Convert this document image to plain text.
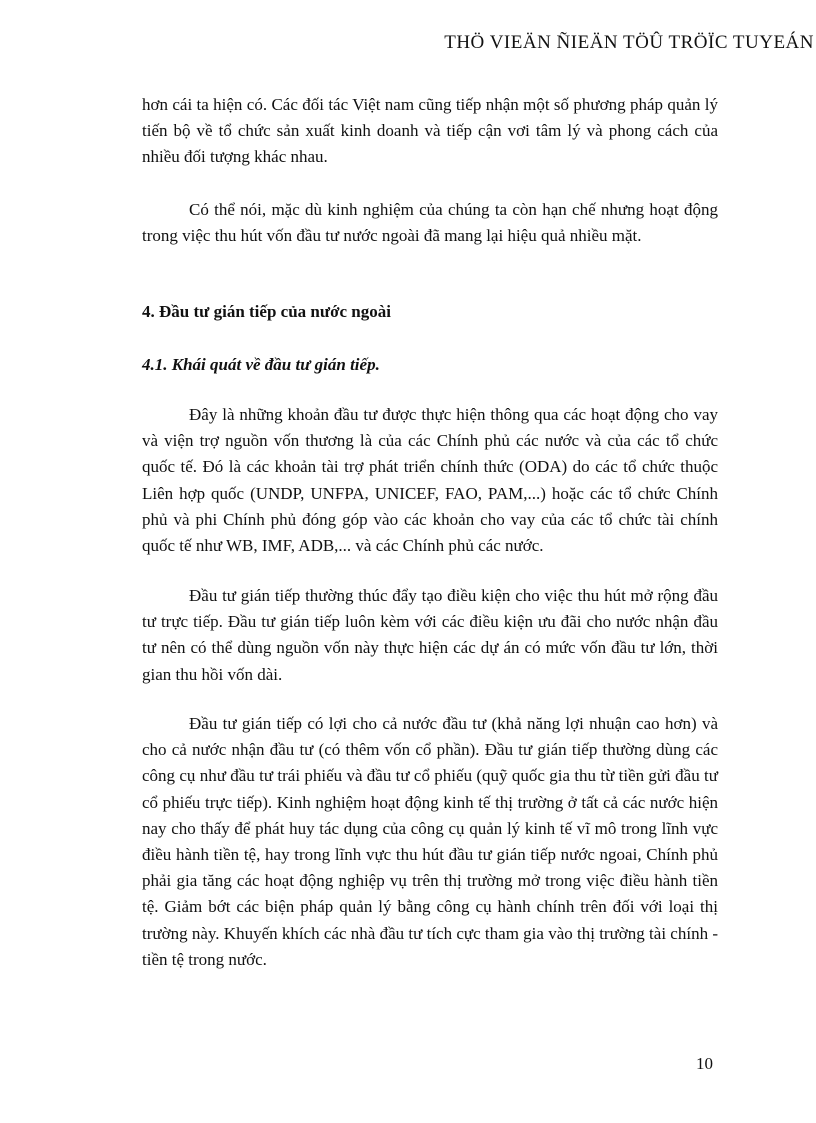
THÖ VIEÄN ÑIEÄN TÖÛ TRÖÏC TUYEÁN

hơn cái ta hiện có. Các đối tác Việt nam cũng tiếp nhận một số phương pháp quản lý tiến bộ về tổ chức sản xuất kinh doanh và tiếp cận vơi tâm lý và phong cách của nhiều đối tượng khác nhau.

Có thể nói, mặc dù kinh nghiệm của chúng ta còn hạn chế nhưng hoạt động trong việc thu hút vốn đầu tư nước ngoài đã mang lại hiệu quả nhiều mặt.

4. Đầu tư gián tiếp của nước ngoài
4.1. Khái quát về đầu tư gián tiếp.

Đây là những khoản đầu tư được thực hiện thông qua các hoạt động cho vay và viện trợ nguồn vốn thương là của các Chính phủ các nước và của các tổ chức quốc tế. Đó là các khoản tài trợ phát triển chính thức (ODA) do các tổ chức thuộc Liên hợp quốc (UNDP, UNFPA, UNICEF, FAO, PAM,...) hoặc các tổ chức Chính phủ và phi Chính phủ đóng góp vào các khoản cho vay của các tổ chức tài chính quốc tế như WB, IMF, ADB,... và các Chính phủ các nước.

Đầu tư gián tiếp thường thúc đẩy tạo điều kiện cho việc thu hút mở rộng đầu tư trực tiếp. Đầu tư gián tiếp luôn kèm với các điều kiện ưu đãi cho nước nhận đầu tư nên có thể dùng nguồn vốn này thực hiện các dự án có mức vốn đầu tư lớn, thời gian thu hồi vốn dài.

Đầu tư gián tiếp có lợi cho cả nước đầu tư (khả năng lợi nhuận cao hơn) và cho cả nước nhận đầu tư (có thêm vốn cổ phần). Đầu tư gián tiếp thường dùng các công cụ như đầu tư trái phiếu và đầu tư cổ phiếu (quỹ quốc gia thu từ tiền gửi đầu tư cổ phiếu trực tiếp). Kinh nghiệm hoạt động kinh tế thị trường ở tất cả các nước hiện nay cho thấy để phát huy tác dụng của công cụ quản lý kinh tế vĩ mô trong lĩnh vực điều hành tiền tệ, hay trong lĩnh vực thu hút đầu tư gián tiếp nước ngoai, Chính phủ phải gia tăng các hoạt động nghiệp vụ trên thị trường mở trong việc điều hành tiền tệ. Giảm bớt các biện pháp quản lý bằng công cụ hành chính trên đối với loại thị trường này. Khuyến khích các nhà đầu tư tích cực tham gia vào thị trường tài chính - tiền tệ trong nước.

10
